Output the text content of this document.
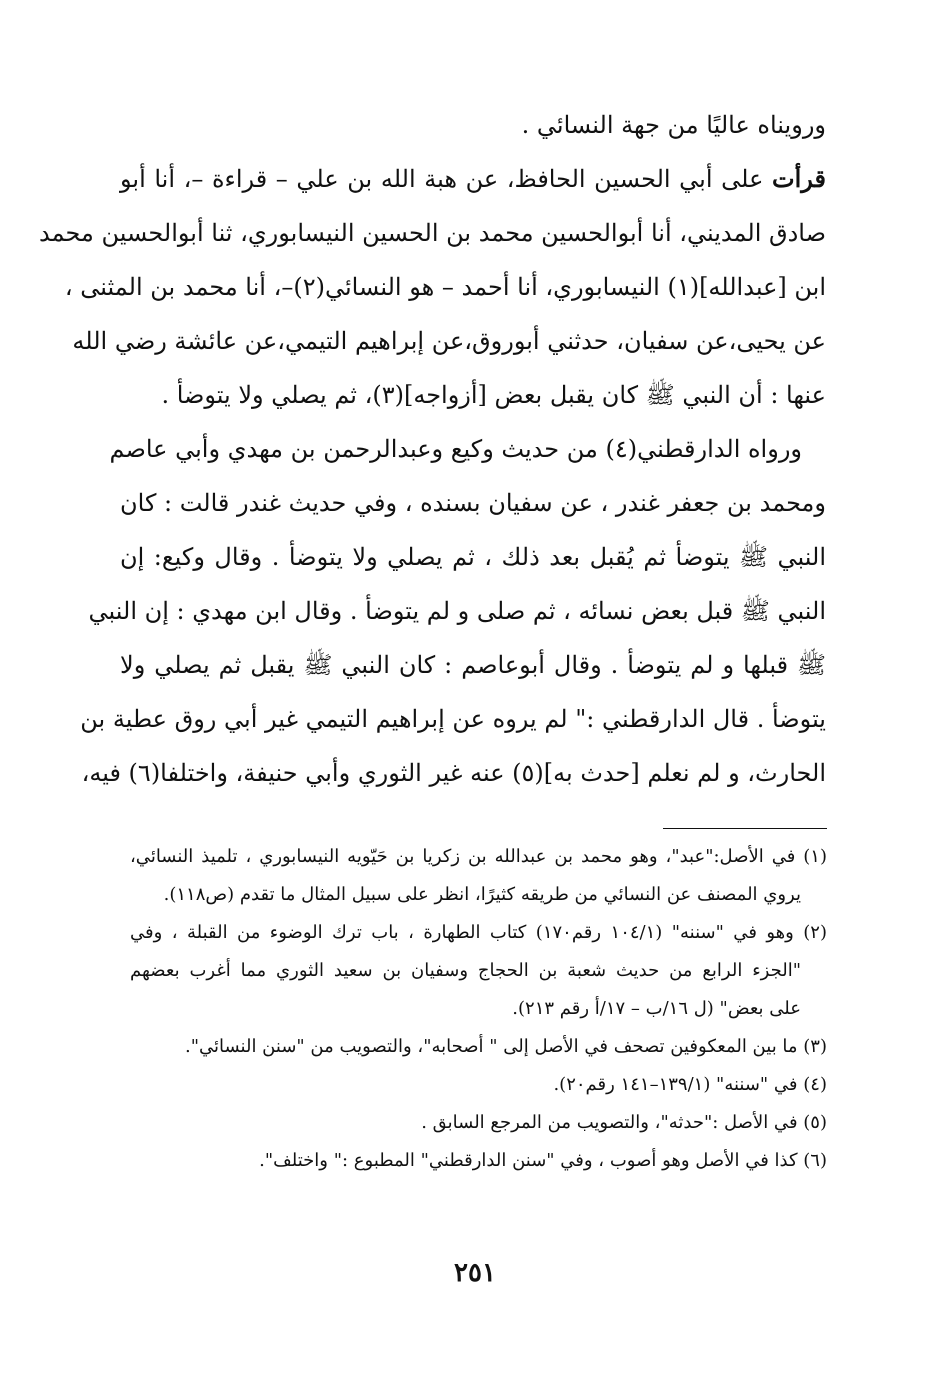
ورويناه عاليًا من جهة النسائي .
قرأت على أبي الحسين الحافظ، عن هبة الله بن علي – قراءة –، أنا أبو
صادق المديني، أنا أبوالحسين محمد بن الحسين النيسابوري، ثنا أبوالحسين محمد
ابن [عبدالله](١) النيسابوري، أنا أحمد – هو النسائي(٢)–، أنا محمد بن المثنى ،
عن يحيى،عن سفيان، حدثني أبوروق،عن إبراهيم التيمي،عن عائشة رضي الله
عنها : أن النبي ﷺ كان يقبل بعض [أزواجه](٣)، ثم يصلي ولا يتوضأ .
ورواه الدارقطني(٤) من حديث وكيع وعبدالرحمن بن مهدي وأبي عاصم
ومحمد بن جعفر غندر ، عن سفيان بسنده ، وفي حديث غندر قالت : كان
النبي ﷺ يتوضأ ثم يُقبل بعد ذلك ، ثم يصلي ولا يتوضأ . وقال وكيع: إن
النبي ﷺ قبل بعض نسائه ، ثم صلى و لم يتوضأ . وقال ابن مهدي : إن النبي
ﷺ قبلها و لم يتوضأ . وقال أبوعاصم : كان النبي ﷺ يقبل ثم يصلي ولا
يتوضأ . قال الدارقطني :" لم يروه عن إبراهيم التيمي غير أبي روق عطية بن
الحارث، و لم نعلم [حدث به](٥) عنه غير الثوري وأبي حنيفة، واختلفا(٦) فيه،
(١) في الأصل:"عبد"، وهو محمد بن عبدالله بن زكريا بن حَيّويه النيسابوري ، تلميذ النسائي،
يروي المصنف عن النسائي من طريقه كثيرًا، انظر على سبيل المثال ما تقدم (ص١١٨).
(٢) وهو في "سننه" (١٠٤/١ رقم١٧٠) كتاب الطهارة ، باب ترك الوضوء من القبلة ، وفي
"الجزء الرابع من حديث شعبة بن الحجاج وسفيان بن سعيد الثوري مما أغرب بعضهم
على بعض" (ل ١٦/ب – ١٧/أ رقم ٢١٣).
(٣) ما بين المعكوفين تصحف في الأصل إلى " أصحابه"، والتصويب من "سنن النسائي".
(٤) في "سننه" (١٣٩/١–١٤١ رقم٢٠).
(٥) في الأصل :"حدثه"، والتصويب من المرجع السابق .
(٦) كذا في الأصل وهو أصوب ، وفي "سنن الدارقطني" المطبوع :" واختلف".
٢٥١
